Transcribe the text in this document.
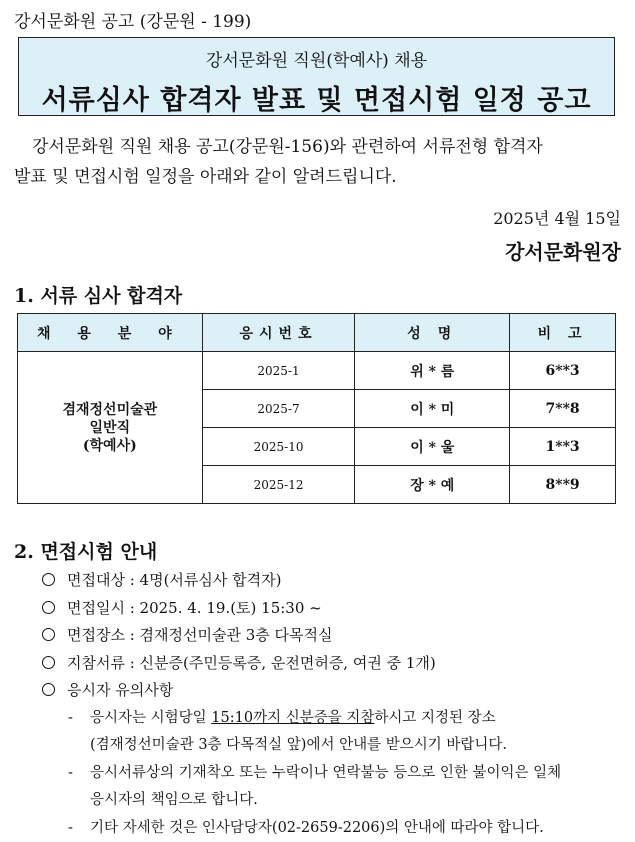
강서문화원 공고 (강문원 - 199)
강서문화원 직원(학예사) 채용
서류심사 합격자 발표 및 면접시험 일정 공고
강서문화원 직원 채용 공고(강문원-156)와 관련하여 서류전형 합격자
발표 및 면접시험 일정을 아래와 같이 알려드립니다.
2025년 4월 15일
강서문화원장
1. 서류 심사 합격자
채 용 분 야	응시번호	성 명	비 고

겸재정선미술관
일반직
(학예사)	2025-1	위 * 름	6**3
	2025-7	이 * 미	7**8
	2025-10	이 * 울	1**3
	2025-12	장 * 예	8**9
2. 면접시험 안내
면접대상 : 4명(서류심사 합격자)
면접일시 : 2025. 4. 19.(토) 15:30 ~
면접장소 : 겸재정선미술관 3층 다목적실
지참서류 : 신분증(주민등록증, 운전면허증, 여권 중 1개)
응시자 유의사항
- 응시자는 시험당일 15:10까지 신분증을 지참하시고 지정된 장소
(겸재정선미술관 3층 다목적실 앞)에서 안내를 받으시기 바랍니다.
- 응시서류상의 기재착오 또는 누락이나 연락불능 등으로 인한 불이익은 일체
응시자의 책임으로 합니다.
- 기타 자세한 것은 인사담당자(02-2659-2206)의 안내에 따라야 합니다.
